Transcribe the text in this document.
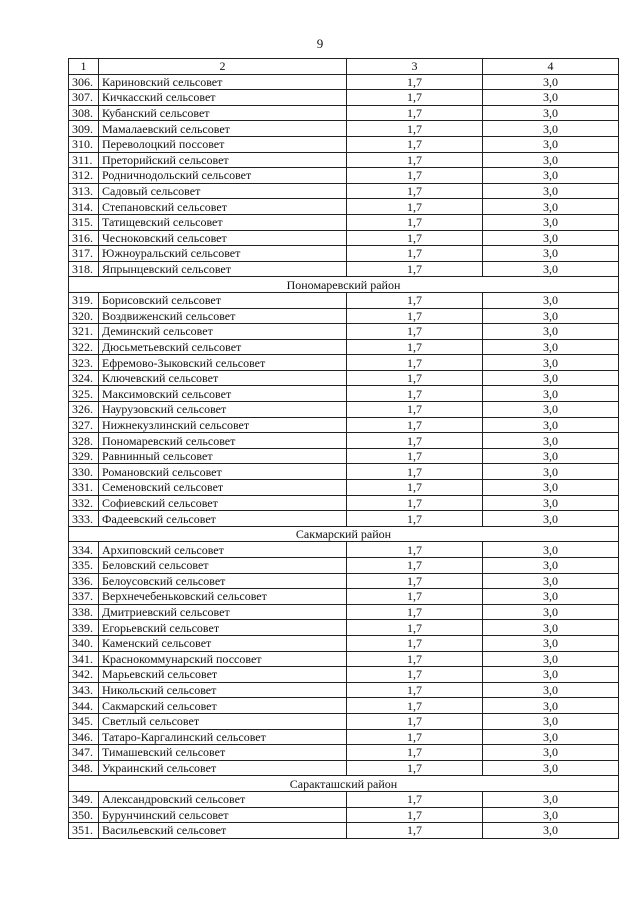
9
1	2	3	4
306.	Кариновский сельсовет	1,7	3,0
307.	Кичкасский сельсовет	1,7	3,0
308.	Кубанский сельсовет	1,7	3,0
309.	Мамалаевский сельсовет	1,7	3,0
310.	Переволоцкий поссовет	1,7	3,0
311.	Преторийский сельсовет	1,7	3,0
312.	Родничнодольский сельсовет	1,7	3,0
313.	Садовый сельсовет	1,7	3,0
314.	Степановский сельсовет	1,7	3,0
315.	Татищевский сельсовет	1,7	3,0
316.	Чесноковский сельсовет	1,7	3,0
317.	Южноуральский сельсовет	1,7	3,0
318.	Япрынцевский сельсовет	1,7	3,0
Пономаревский район			
319.	Борисовский сельсовет	1,7	3,0
320.	Воздвиженский сельсовет	1,7	3,0
321.	Деминский сельсовет	1,7	3,0
322.	Дюсьметьевский сельсовет	1,7	3,0
323.	Ефремово-Зыковский сельсовет	1,7	3,0
324.	Ключевский сельсовет	1,7	3,0
325.	Максимовский сельсовет	1,7	3,0
326.	Наурузовский сельсовет	1,7	3,0
327.	Нижнекузлинский сельсовет	1,7	3,0
328.	Пономаревский сельсовет	1,7	3,0
329.	Равнинный сельсовет	1,7	3,0
330.	Романовский сельсовет	1,7	3,0
331.	Семеновский сельсовет	1,7	3,0
332.	Софиевский сельсовет	1,7	3,0
333.	Фадеевский сельсовет	1,7	3,0
Сакмарский район			
334.	Архиповский сельсовет	1,7	3,0
335.	Беловский сельсовет	1,7	3,0
336.	Белоусовский сельсовет	1,7	3,0
337.	Верхнечебеньковский сельсовет	1,7	3,0
338.	Дмитриевский сельсовет	1,7	3,0
339.	Егорьевский сельсовет	1,7	3,0
340.	Каменский сельсовет	1,7	3,0
341.	Краснокоммунарский поссовет	1,7	3,0
342.	Марьевский сельсовет	1,7	3,0
343.	Никольский сельсовет	1,7	3,0
344.	Сакмарский сельсовет	1,7	3,0
345.	Светлый сельсовет	1,7	3,0
346.	Татаро-Каргалинский сельсовет	1,7	3,0
347.	Тимашевский сельсовет	1,7	3,0
348.	Украинский сельсовет	1,7	3,0
Саракташский район			
349.	Александровский сельсовет	1,7	3,0
350.	Бурунчинский сельсовет	1,7	3,0
351.	Васильевский сельсовет	1,7	3,0
